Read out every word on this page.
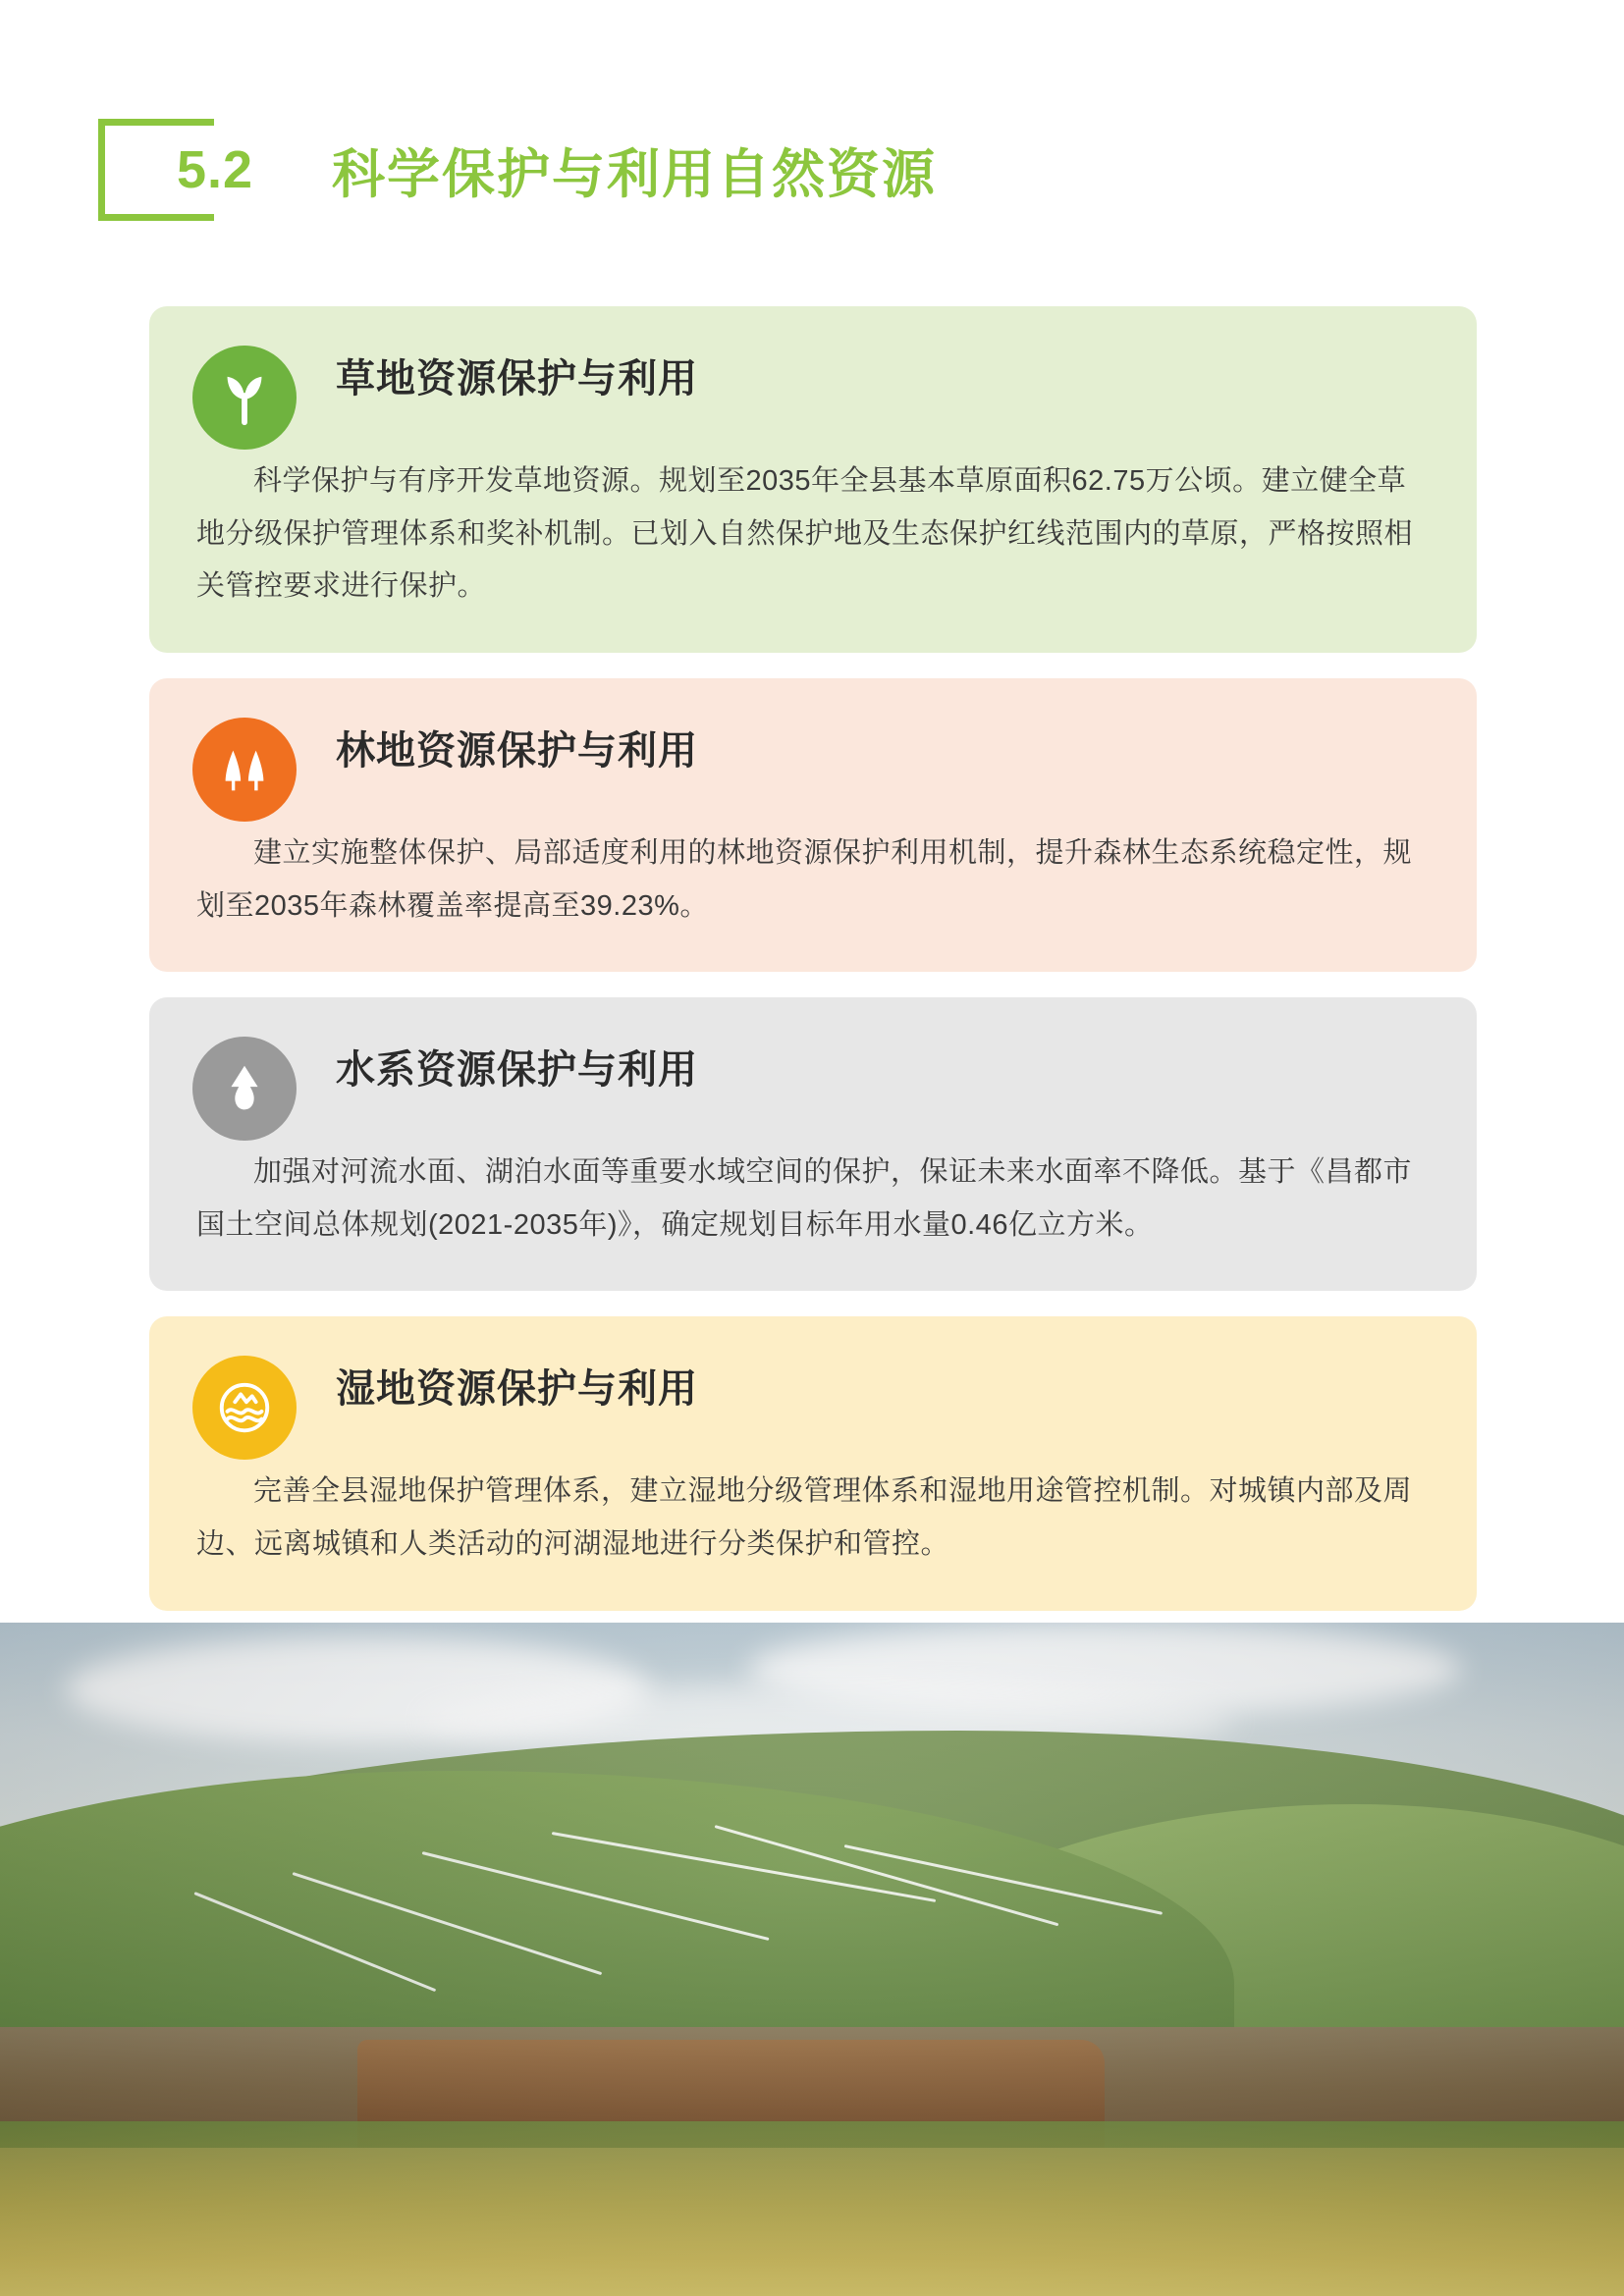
5.2 科学保护与利用自然资源
草地资源保护与利用
科学保护与有序开发草地资源。规划至2035年全县基本草原面积62.75万公顷。建立健全草地分级保护管理体系和奖补机制。已划入自然保护地及生态保护红线范围内的草原，严格按照相关管控要求进行保护。
林地资源保护与利用
建立实施整体保护、局部适度利用的林地资源保护利用机制，提升森林生态系统稳定性，规划至2035年森林覆盖率提高至39.23%。
水系资源保护与利用
加强对河流水面、湖泊水面等重要水域空间的保护，保证未来水面率不降低。基于《昌都市国土空间总体规划(2021-2035年)》，确定规划目标年用水量0.46亿立方米。
湿地资源保护与利用
完善全县湿地保护管理体系，建立湿地分级管理体系和湿地用途管控机制。对城镇内部及周边、远离城镇和人类活动的河湖湿地进行分类保护和管控。
